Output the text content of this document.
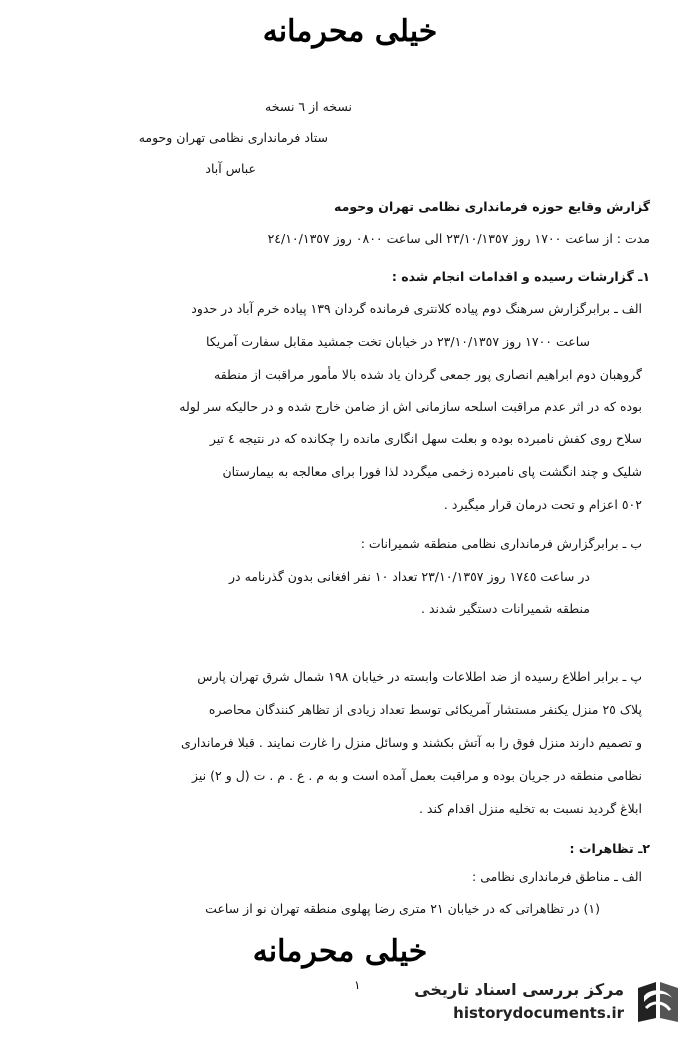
خیلی محرمانه
نسخه از ٦ نسخه
ستاد فرمانداری نظامی تهران وحومه
عباس آباد
گزارش وقایع حوزه فرمانداری نظامی تهران وحومه
مدت : از ساعت ١٧٠٠ روز ٢٣/١٠/١٣٥٧ الی ساعت ٠٨٠٠ روز ٢٤/١٠/١٣٥٧
١ـ گزارشات رسیده و اقدامات انجام شده :
الف ـ برابرگزارش سرهنگ دوم پیاده کلانتری فرمانده گردان ١٣٩ پیاده خرم آباد در حدود
ساعت ١٧٠٠ روز ٢٣/١٠/١٣٥٧ در خیابان تخت جمشید مقابل سفارت آمریکا
گروهبان دوم ابراهیم انصاری پور جمعی گردان یاد شده بالا مأمور مراقبت از منطقه
بوده که در اثر عدم مراقبت اسلحه سازمانی اش از ضامن خارج شده و در حالیکه سر لوله
سلاح روی کفش نامبرده بوده و بعلت سهل انگاری مانده را چکانده که در نتیجه ٤ تیر
شلیک و چند انگشت پای نامبرده زخمی میگردد لذا فورا برای معالجه به بیمارستان
٥٠٢ اعزام و تحت درمان قرار میگیرد .
ب ـ برابرگزارش فرمانداری نظامی منطقه شمیرانات :
در ساعت ١٧٤٥ روز ٢٣/١٠/١٣٥٧ تعداد ١٠ نفر افغانی بدون گذرنامه در
منطقه شمیرانات دستگیر شدند .
پ ـ برابر اطلاع رسیده از ضد اطلاعات وابسته در خیابان ١٩٨ شمال شرق تهران پارس
پلاک ٢٥ منزل یکنفر مستشار آمریکائی توسط تعداد زیادی از تظاهر کنندگان محاصره
و تصمیم دارند منزل فوق را به آتش بکشند و وسائل منزل را غارت نمایند . قبلا فرمانداری
نظامی منطقه در جریان بوده و مراقبت بعمل آمده است و به م . ع . م . ت (ل و ٢) نیز
ابلاغ گردید نسبت به تخلیه منزل اقدام کند .
٢ـ تظاهرات :
الف ـ مناطق فرمانداری نظامی :
(١) در تظاهراتی که در خیابان ٢١ متری رضا پهلوی منطقه تهران نو از ساعت
خیلی محرمانه
١	مرکز بررسی اسناد تاریخی
historydocuments.ir
